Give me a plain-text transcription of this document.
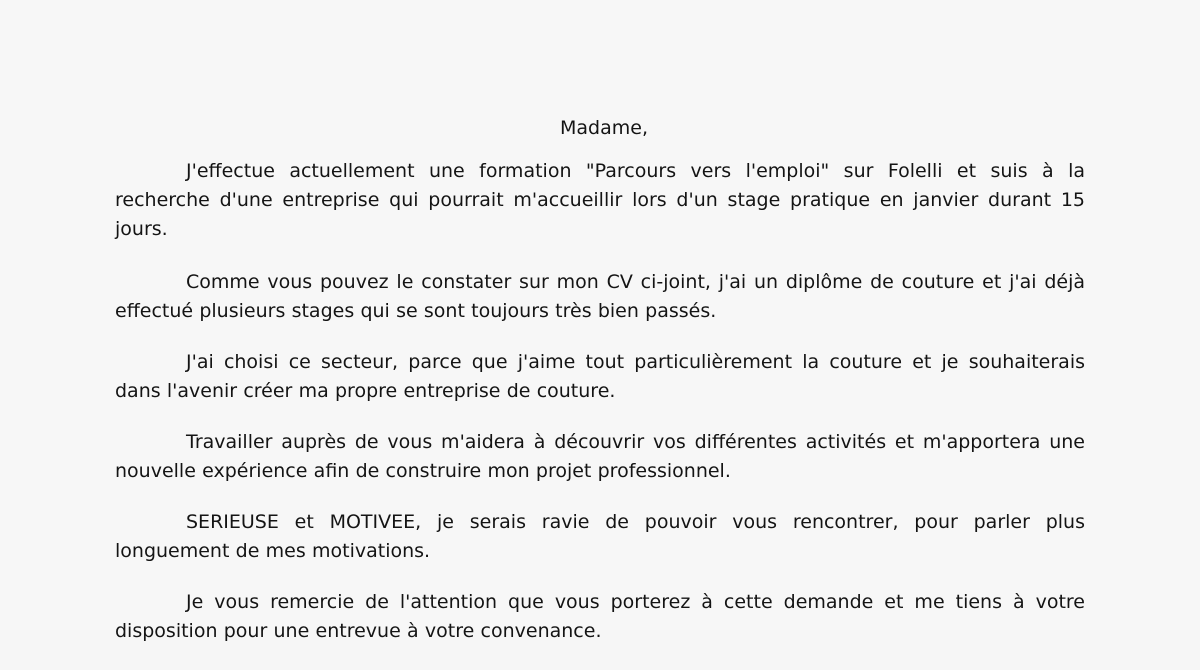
Madame,

J'effectue actuellement une formation "Parcours vers l'emploi" sur Folelli et suis à la recherche d'une entreprise qui pourrait m'accueillir lors d'un stage pratique en janvier durant 15 jours.

Comme vous pouvez le constater sur mon CV ci-joint, j'ai un diplôme de couture et j'ai déjà effectué plusieurs stages qui se sont toujours très bien passés.

J'ai choisi ce secteur, parce que j'aime tout particulièrement la couture et je souhaiterais dans l'avenir créer ma propre entreprise de couture.

Travailler auprès de vous m'aidera à découvrir vos différentes activités et m'apportera une nouvelle expérience afin de construire mon projet professionnel.

SERIEUSE et MOTIVEE, je serais ravie de pouvoir vous rencontrer, pour parler plus longuement de mes motivations.

Je vous remercie de l'attention que vous porterez à cette demande et me tiens à votre disposition pour une entrevue à votre convenance.
